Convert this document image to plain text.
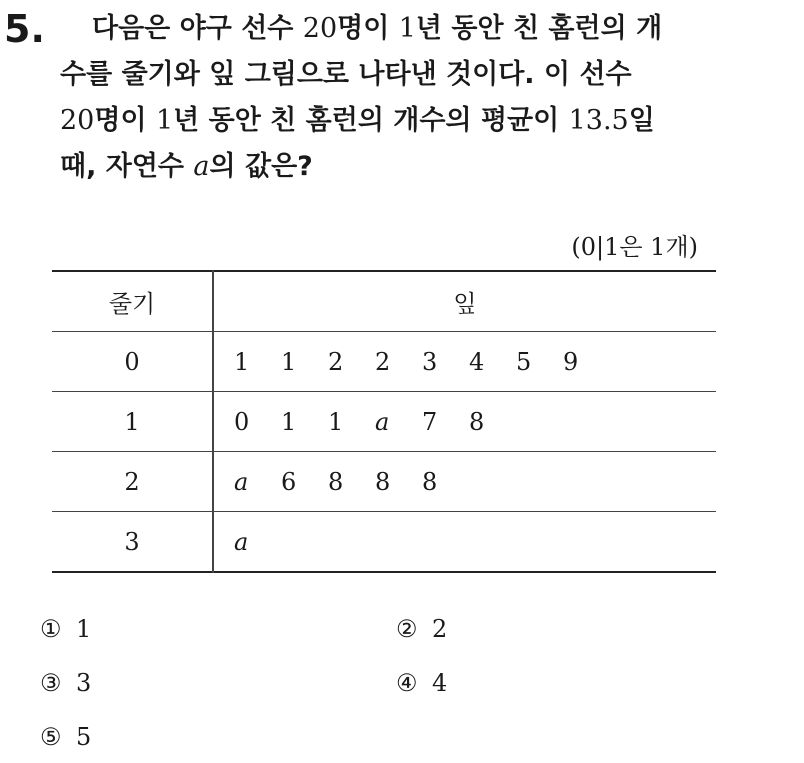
5.	다음은 야구 선수 20명이 1년 동안 친 홈런의 개
수를 줄기와 잎 그림으로 나타낸 것이다. 이 선수
20명이 1년 동안 친 홈런의 개수의 평균이 13.5일
때, 자연수 a의 값은?
(0|1은 1개)
줄기	잎
0	1 1 2 2 3 4 5 9
1	0 1 1 a 7 8
2	a 6 8 8 8
3	a
① 1	② 2
③ 3	④ 4
⑤ 5
